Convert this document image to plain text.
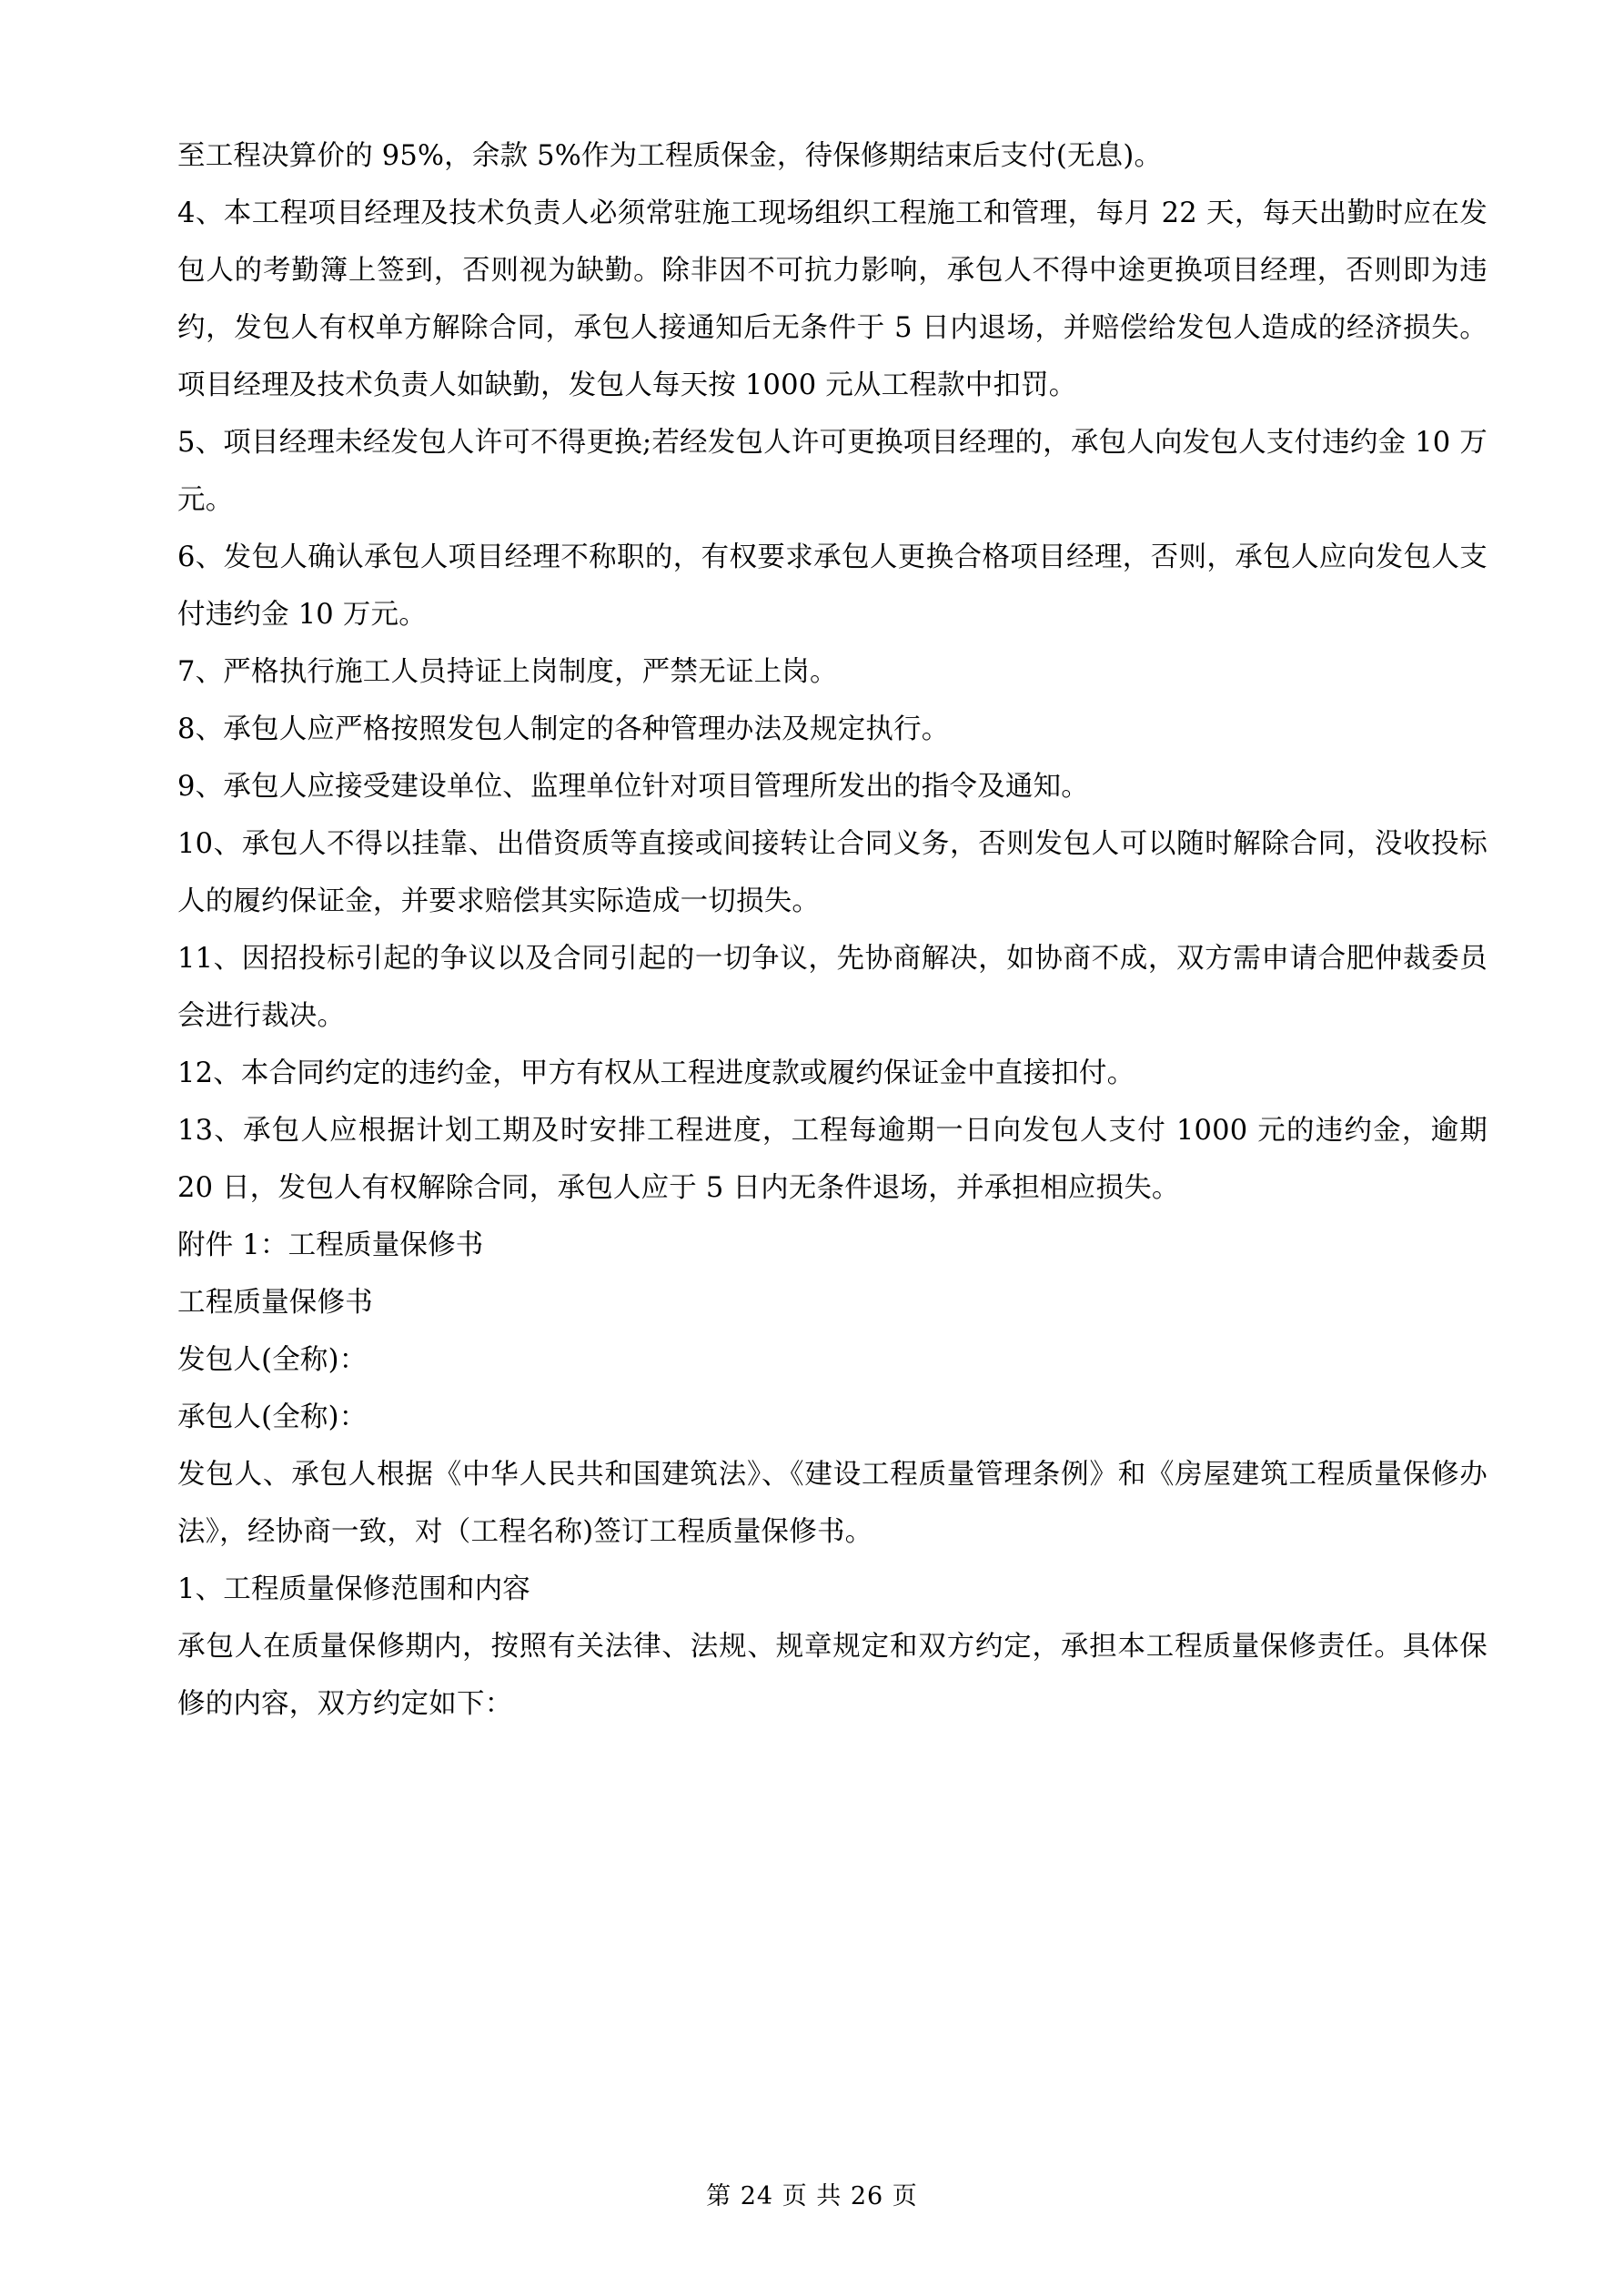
至工程决算价的 95%，余款 5%作为工程质保金，待保修期结束后支付(无息)。

4、本工程项目经理及技术负责人必须常驻施工现场组织工程施工和管理，每月 22 天，每天出勤时应在发包人的考勤簿上签到，否则视为缺勤。除非因不可抗力影响，承包人不得中途更换项目经理，否则即为违约，发包人有权单方解除合同，承包人接通知后无条件于 5 日内退场，并赔偿给发包人造成的经济损失。项目经理及技术负责人如缺勤，发包人每天按 1000 元从工程款中扣罚。

5、项目经理未经发包人许可不得更换;若经发包人许可更换项目经理的，承包人向发包人支付违约金 10 万元。

6、发包人确认承包人项目经理不称职的，有权要求承包人更换合格项目经理，否则，承包人应向发包人支付违约金 10 万元。

7、严格执行施工人员持证上岗制度，严禁无证上岗。

8、承包人应严格按照发包人制定的各种管理办法及规定执行。

9、承包人应接受建设单位、监理单位针对项目管理所发出的指令及通知。

10、承包人不得以挂靠、出借资质等直接或间接转让合同义务，否则发包人可以随时解除合同，没收投标人的履约保证金，并要求赔偿其实际造成一切损失。

11、因招投标引起的争议以及合同引起的一切争议，先协商解决，如协商不成，双方需申请合肥仲裁委员会进行裁决。

12、本合同约定的违约金，甲方有权从工程进度款或履约保证金中直接扣付。

13、承包人应根据计划工期及时安排工程进度，工程每逾期一日向发包人支付 1000 元的违约金，逾期 20 日，发包人有权解除合同，承包人应于 5 日内无条件退场，并承担相应损失。

附件 1：工程质量保修书

工程质量保修书

发包人(全称)：

承包人(全称)：

发包人、承包人根据《中华人民共和国建筑法》、《建设工程质量管理条例》和《房屋建筑工程质量保修办法》，经协商一致，对（工程名称)签订工程质量保修书。

1、工程质量保修范围和内容

承包人在质量保修期内，按照有关法律、法规、规章规定和双方约定，承担本工程质量保修责任。具体保修的内容，双方约定如下：

第 24 页 共 26 页
